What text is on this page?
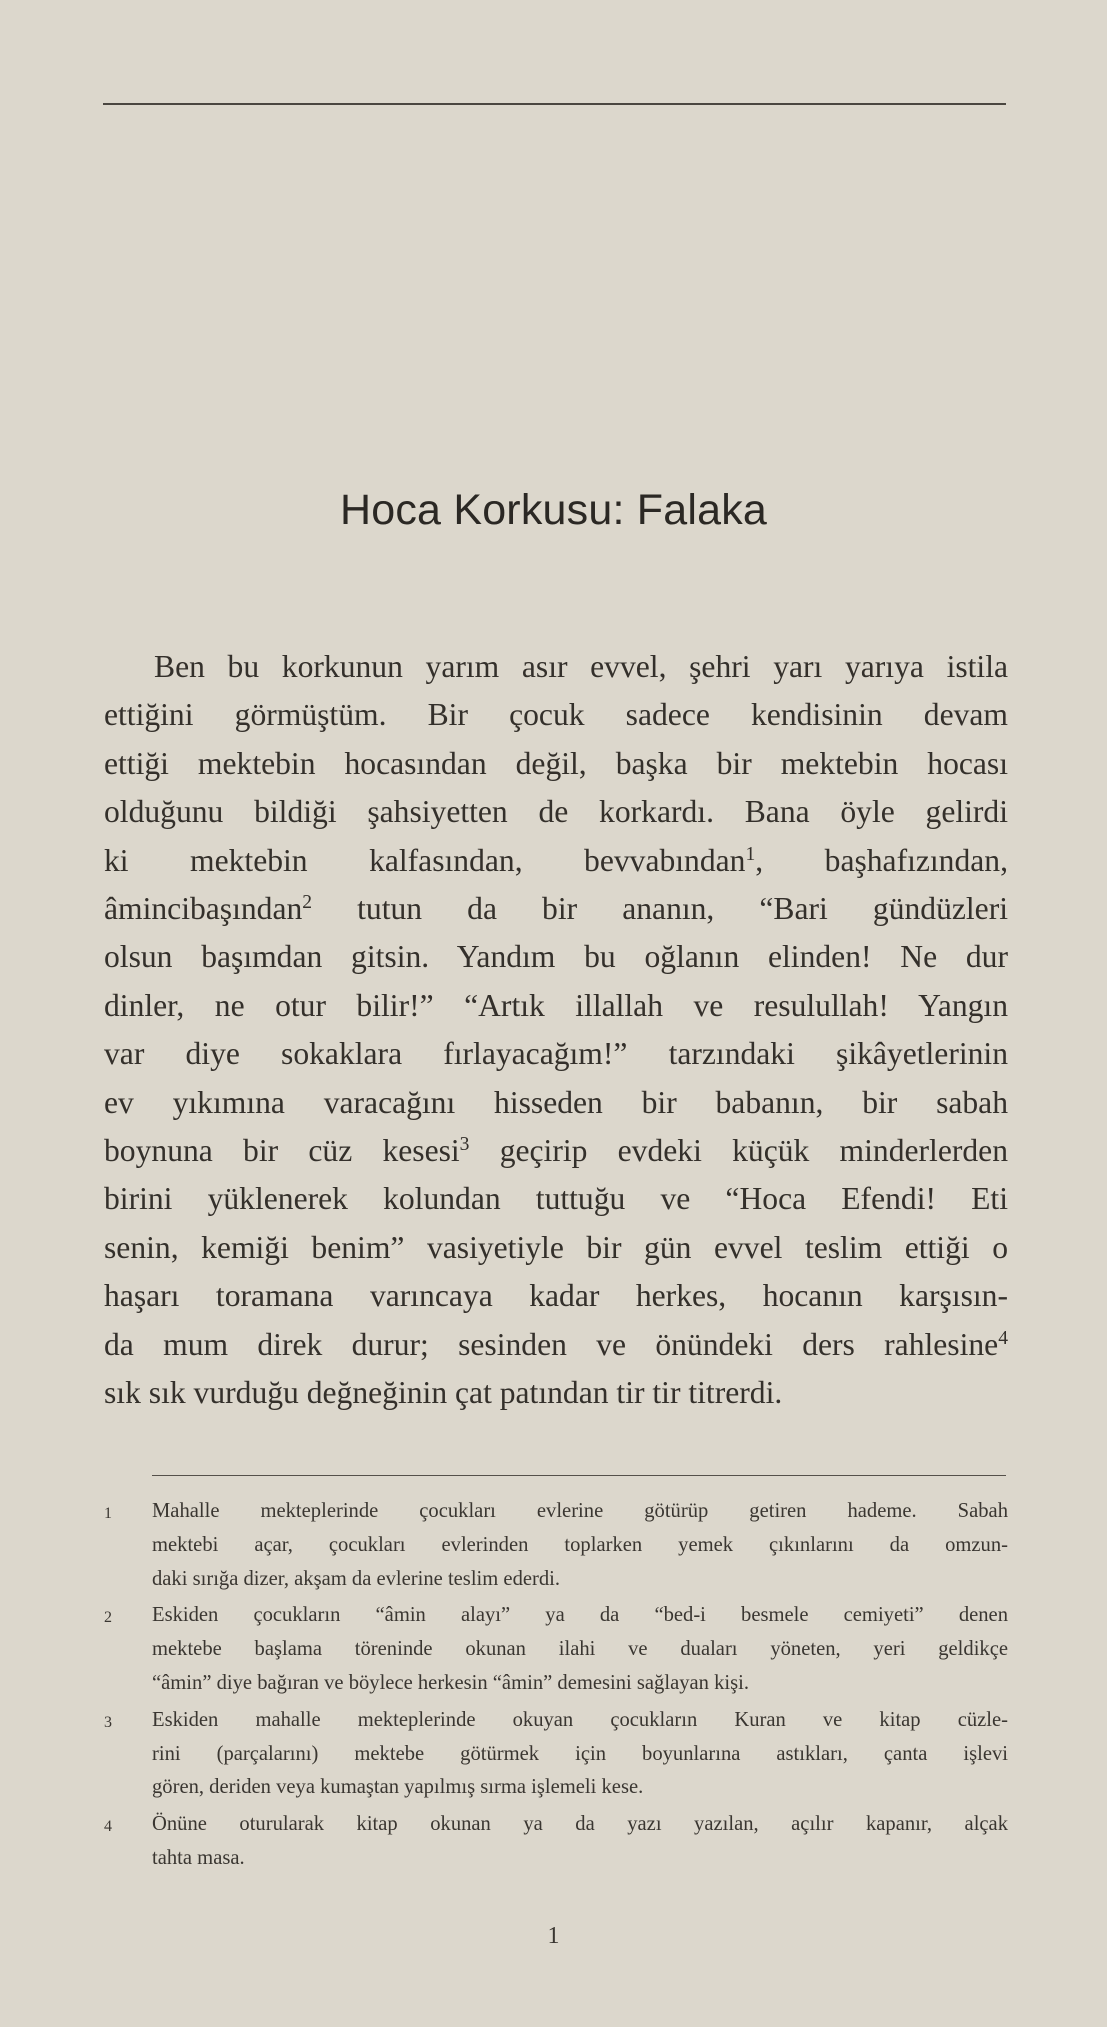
Hoca Korkusu: Falaka
Ben bu korkunun yarım asır evvel, şehri yarı yarıya istila
ettiğini görmüştüm. Bir çocuk sadece kendisinin devam
ettiği mektebin hocasından değil, başka bir mektebin hocası
olduğunu bildiği şahsiyetten de korkardı. Bana öyle gelirdi
ki mektebin kalfasından, bevvabından$^1$, başhafızından,
âmincibaşından$^2$ tutun da bir ananın, “Bari gündüzleri
olsun başımdan gitsin. Yandım bu oğlanın elinden! Ne dur
dinler, ne otur bilir!” “Artık illallah ve resulullah! Yangın
var diye sokaklara fırlayacağım!” tarzındaki şikâyetlerinin
ev yıkımına varacağını hisseden bir babanın, bir sabah
boynuna bir cüz kesesi$^3$ geçirip evdeki küçük minderlerden
birini yüklenerek kolundan tuttuğu ve “Hoca Efendi! Eti
senin, kemiği benim” vasiyetiyle bir gün evvel teslim ettiği o
haşarı toramana varıncaya kadar herkes, hocanın karşısın-
da mum direk durur; sesinden ve önündeki ders rahlesine$^4$
sık sık vurduğu değneğinin çat patından tir tir titrerdi.
1 Mahalle mekteplerinde çocukları evlerine götürüp getiren hademe. Sabah
mektebi açar, çocukları evlerinden toplarken yemek çıkınlarını da omzun-
daki sırığa dizer, akşam da evlerine teslim ederdi.
2 Eskiden çocukların “âmin alayı” ya da “bed-i besmele cemiyeti” denen
mektebe başlama töreninde okunan ilahi ve duaları yöneten, yeri geldikçe
“âmin” diye bağıran ve böylece herkesin “âmin” demesini sağlayan kişi.
3 Eskiden mahalle mekteplerinde okuyan çocukların Kuran ve kitap cüzle-
rini (parçalarını) mektebe götürmek için boyunlarına astıkları, çanta işlevi
gören, deriden veya kumaştan yapılmış sırma işlemeli kese.
4 Önüne oturularak kitap okunan ya da yazı yazılan, açılır kapanır, alçak
tahta masa.
1
